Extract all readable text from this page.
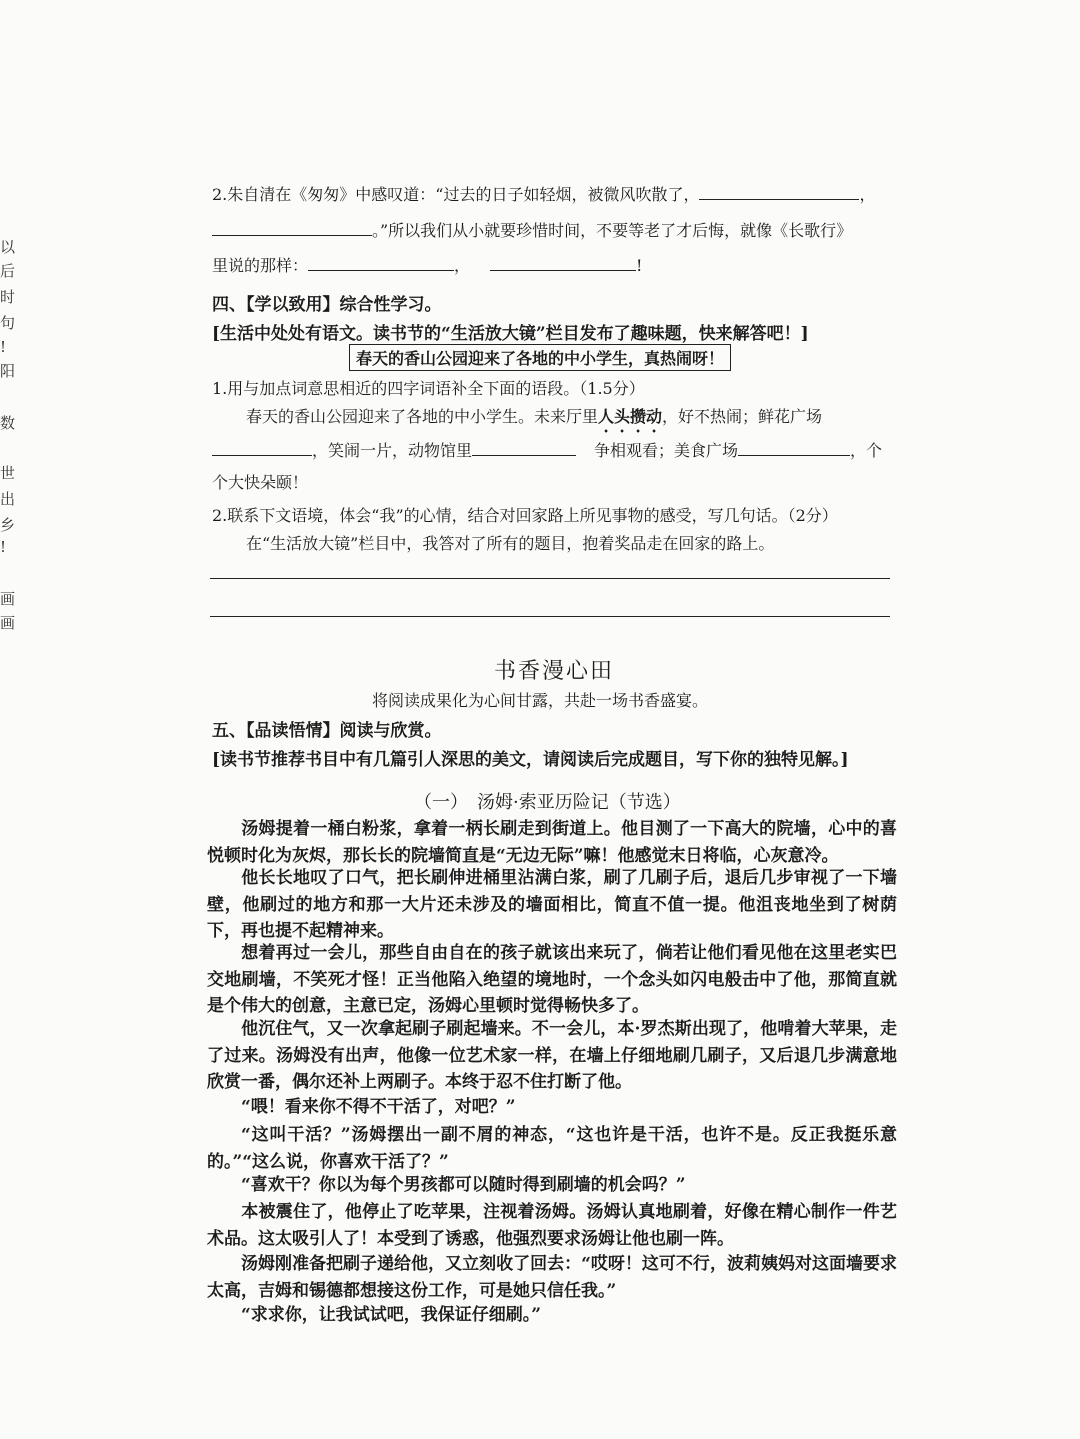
以
后
时
句
!
阳
数
世
出
乡
!
画
画
2.朱自清在《匆匆》中感叹道：“过去的日子如轻烟，被微风吹散了，	，
。”所以我们从小就要珍惜时间，不要等老了才后悔，就像《长歌行》
里说的那样：	，	!
四、【学以致用】综合性学习。
[生活中处处有语文。读书节的“生活放大镜”栏目发布了趣味题，快来解答吧！]
春天的香山公园迎来了各地的中小学生，真热闹呀！
1.用与加点词意思相近的四字词语补全下面的语段。（1.5分）
春天的香山公园迎来了各地的中小学生。未来厅里人头攒动，好不热闹；鲜花广场
，笑闹一片，动物馆里	争相观看；美食广场	，个
个大快朵颐！
2.联系下文语境，体会“我”的心情，结合对回家路上所见事物的感受，写几句话。（2分）
在“生活放大镜”栏目中，我答对了所有的题目，抱着奖品走在回家的路上。
书香漫心田
将阅读成果化为心间甘露，共赴一场书香盛宴。
五、【品读悟情】阅读与欣赏。
[读书节推荐书目中有几篇引人深思的美文，请阅读后完成题目，写下你的独特见解。]
（一）　汤姆·索亚历险记（节选）
汤姆提着一桶白粉浆，拿着一柄长刷走到街道上。他目测了一下高大的院墙，心中的喜悦顿时化为灰烬，那长长的院墙简直是“无边无际”嘛！他感觉末日将临，心灰意冷。
他长长地叹了口气，把长刷伸进桶里沾满白浆，刷了几刷子后，退后几步审视了一下墙壁，他刷过的地方和那一大片还未涉及的墙面相比，简直不值一提。他沮丧地坐到了树荫下，再也提不起精神来。
想着再过一会儿，那些自由自在的孩子就该出来玩了，倘若让他们看见他在这里老实巴交地刷墙，不笑死才怪！正当他陷入绝望的境地时，一个念头如闪电般击中了他，那简直就是个伟大的创意，主意已定，汤姆心里顿时觉得畅快多了。
他沉住气，又一次拿起刷子刷起墙来。不一会儿，本·罗杰斯出现了，他啃着大苹果，走了过来。汤姆没有出声，他像一位艺术家一样，在墙上仔细地刷几刷子，又后退几步满意地欣赏一番，偶尔还补上两刷子。本终于忍不住打断了他。
“喂！看来你不得不干活了，对吧？”
“这叫干活？”汤姆摆出一副不屑的神态，“这也许是干活，也许不是。反正我挺乐意的。”“这么说，你喜欢干活了？”
“喜欢干？你以为每个男孩都可以随时得到刷墙的机会吗？”
本被震住了，他停止了吃苹果，注视着汤姆。汤姆认真地刷着，好像在精心制作一件艺术品。这太吸引人了！本受到了诱惑，他强烈要求汤姆让他也刷一阵。
汤姆刚准备把刷子递给他，又立刻收了回去：“哎呀！这可不行，波莉姨妈对这面墙要求太高，吉姆和锡德都想接这份工作，可是她只信任我。”
“求求你，让我试试吧，我保证仔细刷。”
